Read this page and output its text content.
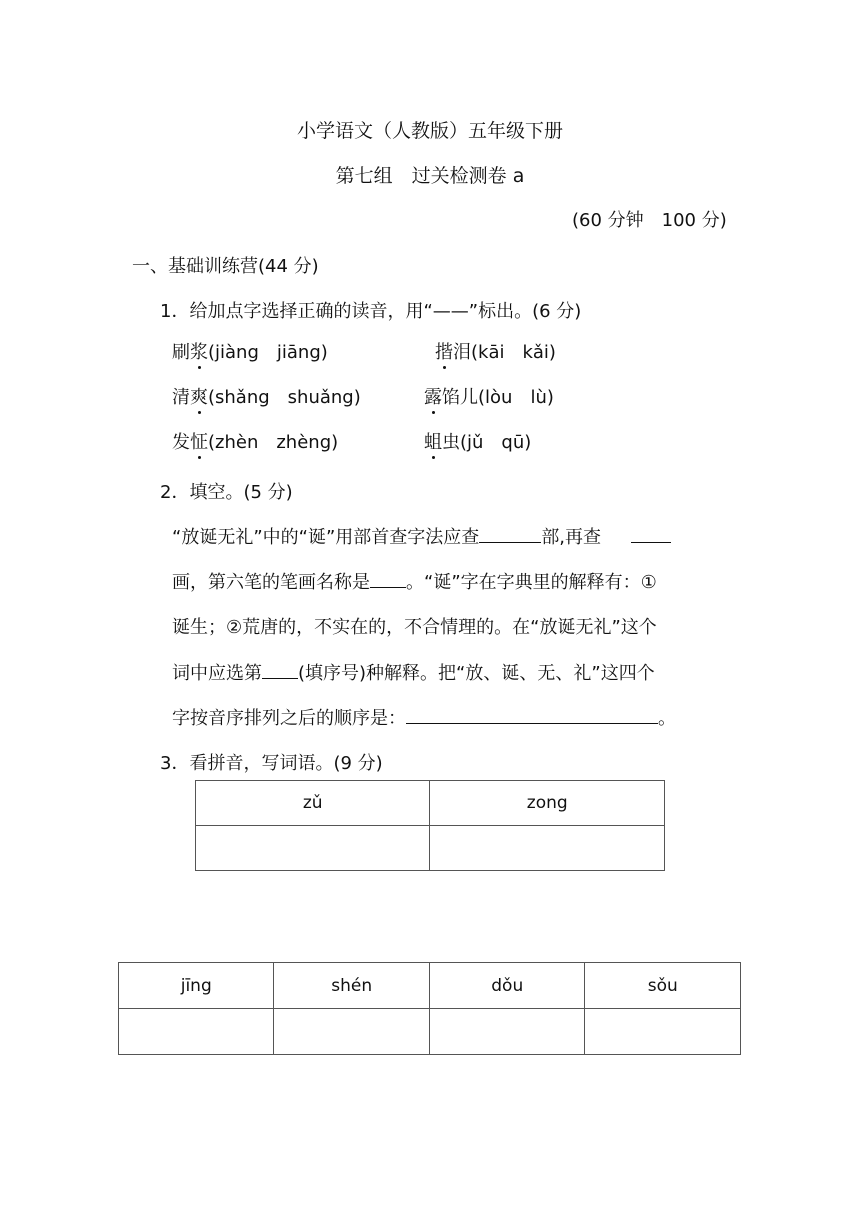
小学语文（人教版）五年级下册
第七组　过关检测卷 a
(60 分钟　100 分)
一、基础训练营(44 分)
1．给加点字选择正确的读音，用“——”标出。(6 分)
刷浆(jiàng　jiāng)	揩泪(kāi　kǎi)
清爽(shǎng　shuǎng)	露馅儿(lòu　lù)
发怔(zhèn　zhèng)	蛆虫(jǔ　qū)
2．填空。(5 分)
“放诞无礼”中的“诞”用部首查字法应查	部,再查
画，第六笔的笔画名称是 。“诞”字在字典里的解释有：①
诞生；②荒唐的，不实在的，不合情理的。在“放诞无礼”这个
词中应选第 (填序号)种解释。把“放、诞、无、礼”这四个
字按音序排列之后的顺序是：	。
3．看拼音，写词语。(9 分)
zǔ	zong

jīng	shén	dǒu	sǒu
